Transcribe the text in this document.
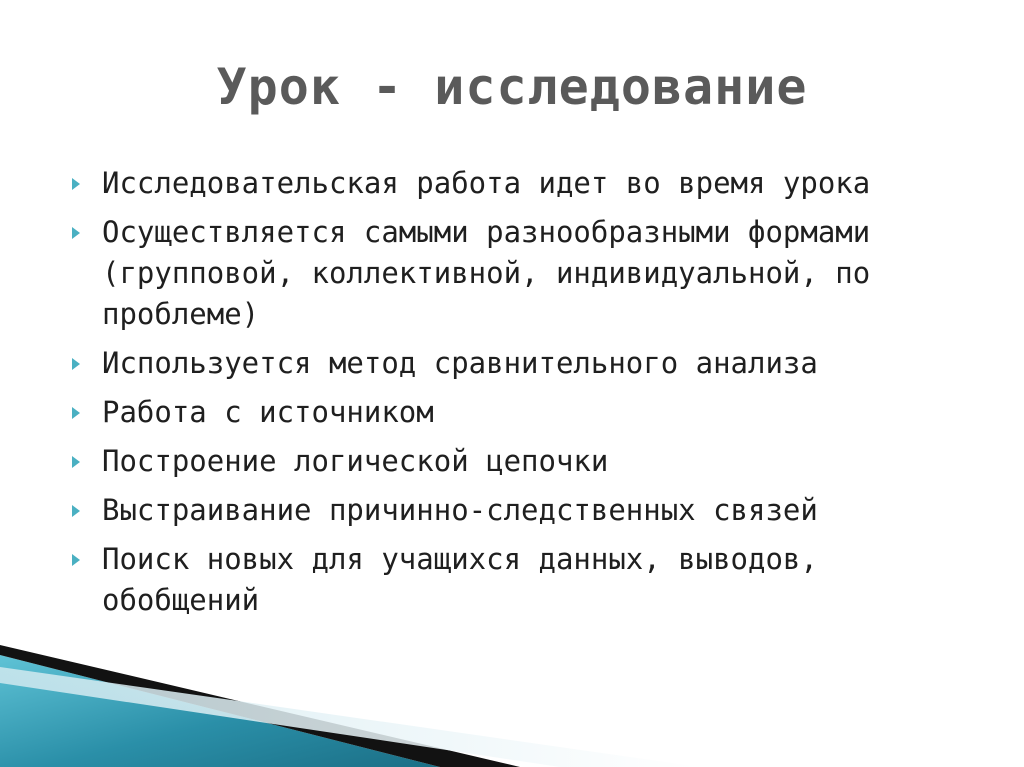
Урок - исследование
Исследовательская работа идет во время урока
Осуществляется самыми разнообразными формами (групповой, коллективной, индивидуальной, по проблеме)
Используется метод сравнительного анализа
Работа с источником
Построение логической цепочки
Выстраивание причинно-следственных связей
Поиск новых для учащихся данных, выводов, обобщений
